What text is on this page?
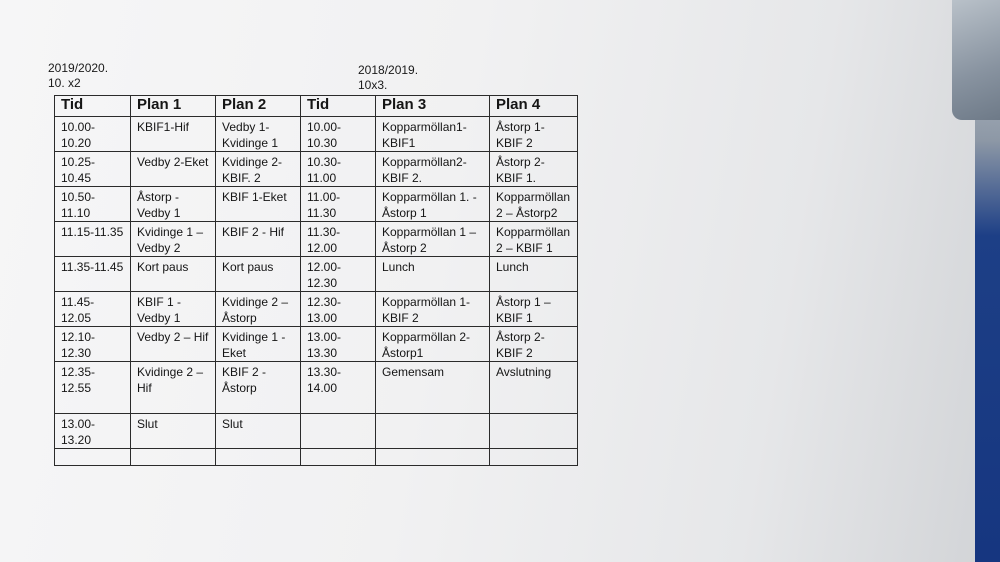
2019/2020.
10. x2
2018/2019.
10x3.
Tid	Plan 1	Plan 2	Tid	Plan 3	Plan 4
10.00-10.20	KBIF1-Hif	Vedby 1- Kvidinge 1	10.00-10.30	Kopparmöllan1- KBIF1	Åstorp 1-KBIF 2
10.25-10.45	Vedby 2-Eket	Kvidinge 2- KBIF. 2	10.30-11.00	Kopparmöllan2- KBIF 2.	Åstorp 2-KBIF 1.
10.50-11.10	Åstorp - Vedby 1	KBIF 1-Eket	11.00-11.30	Kopparmöllan 1. - Åstorp 1	Kopparmöllan 2 – Åstorp2
11.15-11.35	Kvidinge 1 – Vedby 2	KBIF 2 - Hif	11.30-12.00	Kopparmöllan 1 – Åstorp 2	Kopparmöllan 2 – KBIF 1
11.35-11.45	Kort paus	Kort paus	12.00-12.30	Lunch	Lunch
11.45-12.05	KBIF 1 - Vedby 1	Kvidinge 2 – Åstorp	12.30-13.00	Kopparmöllan 1- KBIF 2	Åstorp 1 – KBIF 1
12.10-12.30	Vedby 2 – Hif	Kvidinge 1 - Eket	13.00-13.30	Kopparmöllan 2- Åstorp1	Åstorp 2-KBIF 2
12.35-12.55	Kvidinge 2 – Hif	KBIF 2 - Åstorp	13.30-14.00	Gemensam	Avslutning
13.00-13.20	Slut	Slut			
